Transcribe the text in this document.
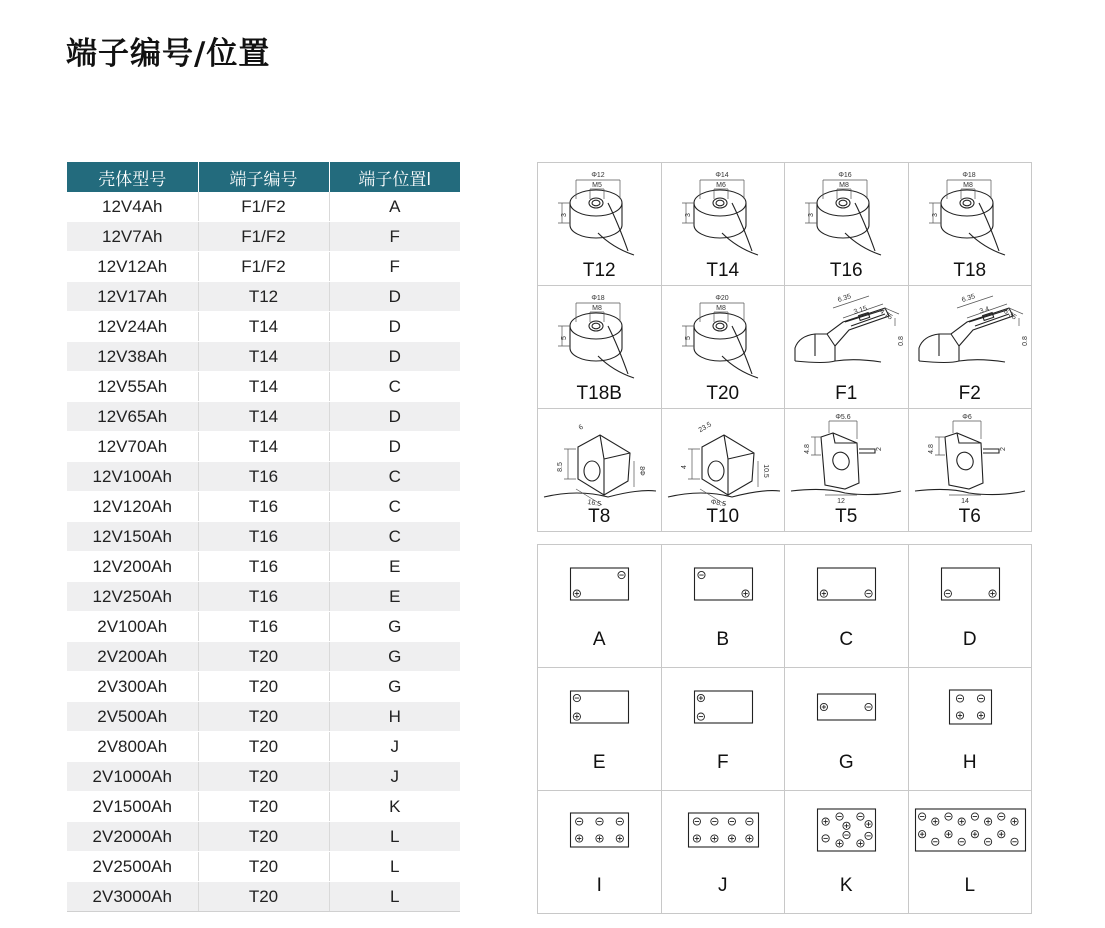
端子编号/位置
壳体型号	端子编号	端子位置l
12V4Ah	F1/F2	A
12V7Ah	F1/F2	F
12V12Ah	F1/F2	F
12V17Ah	T12	D
12V24Ah	T14	D
12V38Ah	T14	D
12V55Ah	T14	C
12V65Ah	T14	D
12V70Ah	T14	D
12V100Ah	T16	C
12V120Ah	T16	C
12V150Ah	T16	C
12V200Ah	T16	E
12V250Ah	T16	E
2V100Ah	T16	G
2V200Ah	T20	G
2V300Ah	T20	G
2V500Ah	T20	H
2V800Ah	T20	J
2V1000Ah	T20	J
2V1500Ah	T20	K
2V2000Ah	T20	L
2V2500Ah	T20	L
2V3000Ah	T20	L
Φ12
M5
3
T12
Φ14
M6
3
T14
Φ16
M8
3
T16
Φ18
M8
3
T18
Φ18
M8
5
T18B
Φ20
M8
5
T20
6.35
3.15 4.75
0.8
F1
6.35
3.4 6.35
0.8
F2
6
8.5	8Φ
16.5
T8
23.5
4	10.5
Φ8.5
T10
Φ5.6
2
4.8
12
T5
Φ6
2
4.8
14
T6
A	B	C	D
E	F	G	H
I	J	K	L
